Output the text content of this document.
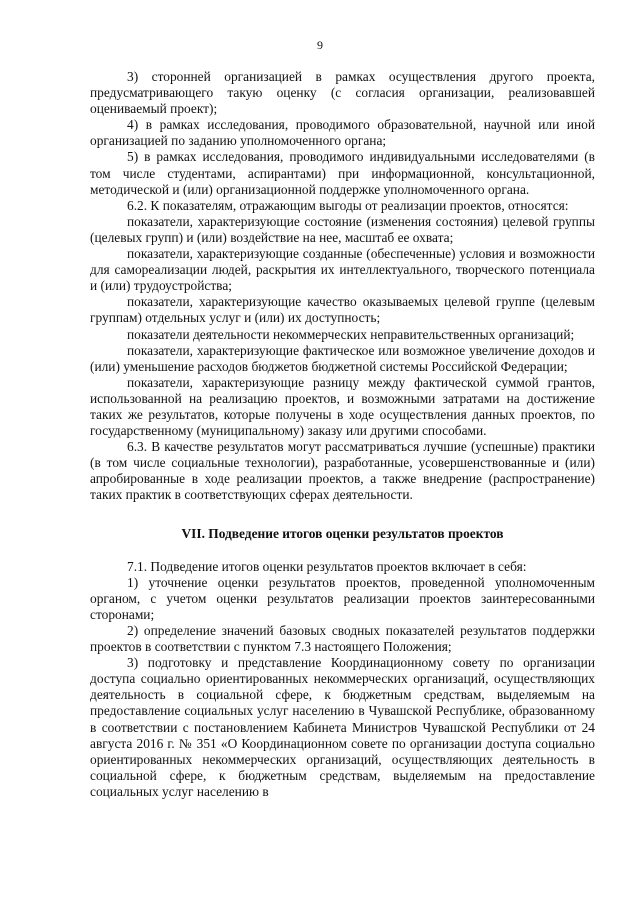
9

3) сторонней организацией в рамках осуществления другого проекта, предусматривающего такую оценку (с согласия организации, реализовавшей оцениваемый проект);

4) в рамках исследования, проводимого образовательной, научной или иной организацией по заданию уполномоченного органа;

5) в рамках исследования, проводимого индивидуальными исследователями (в том числе студентами, аспирантами) при информационной, консультационной, методической и (или) организационной поддержке уполномоченного органа.

6.2. К показателям, отражающим выгоды от реализации проектов, относятся:

показатели, характеризующие состояние (изменения состояния) целевой группы (целевых групп) и (или) воздействие на нее, масштаб ее охвата;

показатели, характеризующие созданные (обеспеченные) условия и возможности для самореализации людей, раскрытия их интеллектуального, творческого потенциала и (или) трудоустройства;

показатели, характеризующие качество оказываемых целевой группе (целевым группам) отдельных услуг и (или) их доступность;

показатели деятельности некоммерческих неправительственных организаций;

показатели, характеризующие фактическое или возможное увеличение доходов и (или) уменьшение расходов бюджетов бюджетной системы Российской Федерации;

показатели, характеризующие разницу между фактической суммой грантов, использованной на реализацию проектов, и возможными затратами на достижение таких же результатов, которые получены в ходе осуществления данных проектов, по государственному (муниципальному) заказу или другими способами.

6.3. В качестве результатов могут рассматриваться лучшие (успешные) практики (в том числе социальные технологии), разработанные, усовершенствованные и (или) апробированные в ходе реализации проектов, а также внедрение (распространение) таких практик в соответствующих сферах деятельности.

VII. Подведение итогов оценки результатов проектов

7.1. Подведение итогов оценки результатов проектов включает в себя:

1) уточнение оценки результатов проектов, проведенной уполномоченным органом, с учетом оценки результатов реализации проектов заинтересованными сторонами;

2) определение значений базовых сводных показателей результатов поддержки проектов в соответствии с пунктом 7.3 настоящего Положения;

3) подготовку и представление Координационному совету по организации доступа социально ориентированных некоммерческих организаций, осуществляющих деятельность в социальной сфере, к бюджетным средствам, выделяемым на предоставление социальных услуг населению в Чувашской Республике, образованному в соответствии с постановлением Кабинета Министров Чувашской Республики от 24 августа 2016 г. № 351 «О Координационном совете по организации доступа социально ориентированных некоммерческих организаций, осуществляющих деятельность в социальной сфере, к бюджетным средствам, выделяемым на предоставление социальных услуг населению в
